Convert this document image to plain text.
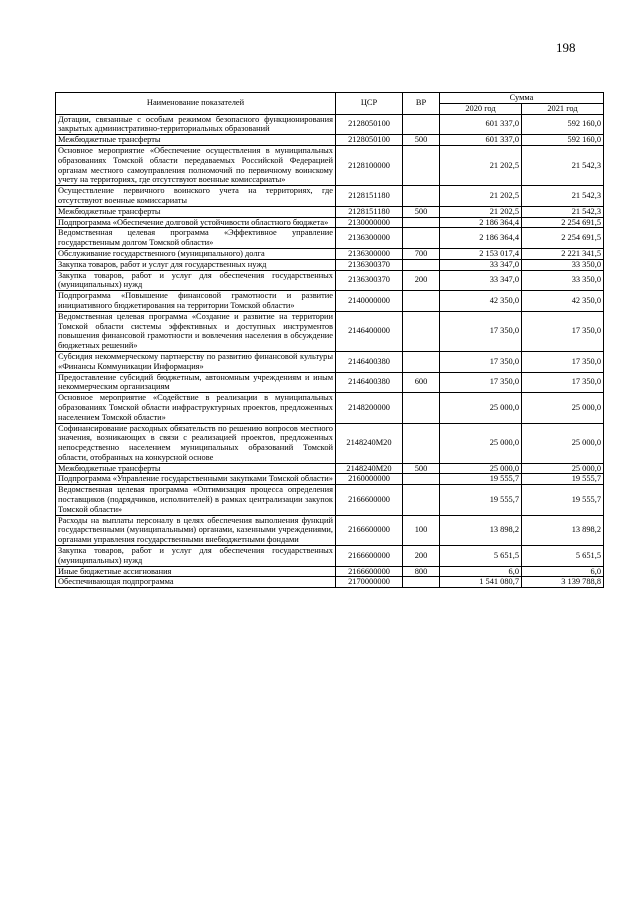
198
Наименование показателей	ЦСР	ВР	Сумма	
			2020 год	2021 год
Дотации, связанные с особым режимом безопасного функционирования закрытых административно-территориальных образований	2128050100		601 337,0	592 160,0
Межбюджетные трансферты	2128050100	500	601 337,0	592 160,0
Основное мероприятие «Обеспечение осуществления в муниципальных образованиях Томской области передаваемых Российской Федерацией органам местного самоуправления полномочий по первичному воинскому учету на территориях, где отсутствуют военные комиссариаты»	2128100000		21 202,5	21 542,3
Осуществление первичного воинского учета на территориях, где отсутствуют военные комиссариаты	2128151180		21 202,5	21 542,3
Межбюджетные трансферты	2128151180	500	21 202,5	21 542,3
Подпрограмма «Обеспечение долговой устойчивости областного бюджета»	2130000000		2 186 364,4	2 254 691,5
Ведомственная целевая программа «Эффективное управление государственным долгом Томской области»	2136300000		2 186 364,4	2 254 691,5
Обслуживание государственного (муниципального) долга	2136300000	700	2 153 017,4	2 221 341,5
Закупка товаров, работ и услуг для государственных нужд	2136300370		33 347,0	33 350,0
Закупка товаров, работ и услуг для обеспечения государственных (муниципальных) нужд	2136300370	200	33 347,0	33 350,0
Подпрограмма «Повышение финансовой грамотности и развитие инициативного бюджетирования на территории Томской области»	2140000000		42 350,0	42 350,0
Ведомственная целевая программа «Создание и развитие на территории Томской области системы эффективных и доступных инструментов повышения финансовой грамотности и вовлечения населения в обсуждение бюджетных решений»	2146400000		17 350,0	17 350,0
Субсидия некоммерческому партнерству по развитию финансовой культуры «Финансы Коммуникации Информация»	2146400380		17 350,0	17 350,0
Предоставление субсидий бюджетным, автономным учреждениям и иным некоммерческим организациям	2146400380	600	17 350,0	17 350,0
Основное мероприятие «Содействие в реализации в муниципальных образованиях Томской области инфраструктурных проектов, предложенных населением Томской области»	2148200000		25 000,0	25 000,0
Софинансирование расходных обязательств по решению вопросов местного значения, возникающих в связи с реализацией проектов, предложенных непосредственно населением муниципальных образований Томской области, отобранных на конкурсной основе	2148240M20		25 000,0	25 000,0
Межбюджетные трансферты	2148240M20	500	25 000,0	25 000,0
Подпрограмма «Управление государственными закупками Томской области»	2160000000		19 555,7	19 555,7
Ведомственная целевая программа «Оптимизация процесса определения поставщиков (подрядчиков, исполнителей) в рамках централизации закупок Томской области»	2166600000		19 555,7	19 555,7
Расходы на выплаты персоналу в целях обеспечения выполнения функций государственными (муниципальными) органами, казенными учреждениями, органами управления государственными внебюджетными фондами	2166600000	100	13 898,2	13 898,2
Закупка товаров, работ и услуг для обеспечения государственных (муниципальных) нужд	2166600000	200	5 651,5	5 651,5
Иные бюджетные ассигнования	2166600000	800	6,0	6,0
Обеспечивающая подпрограмма	2170000000		1 541 080,7	3 139 788,8
